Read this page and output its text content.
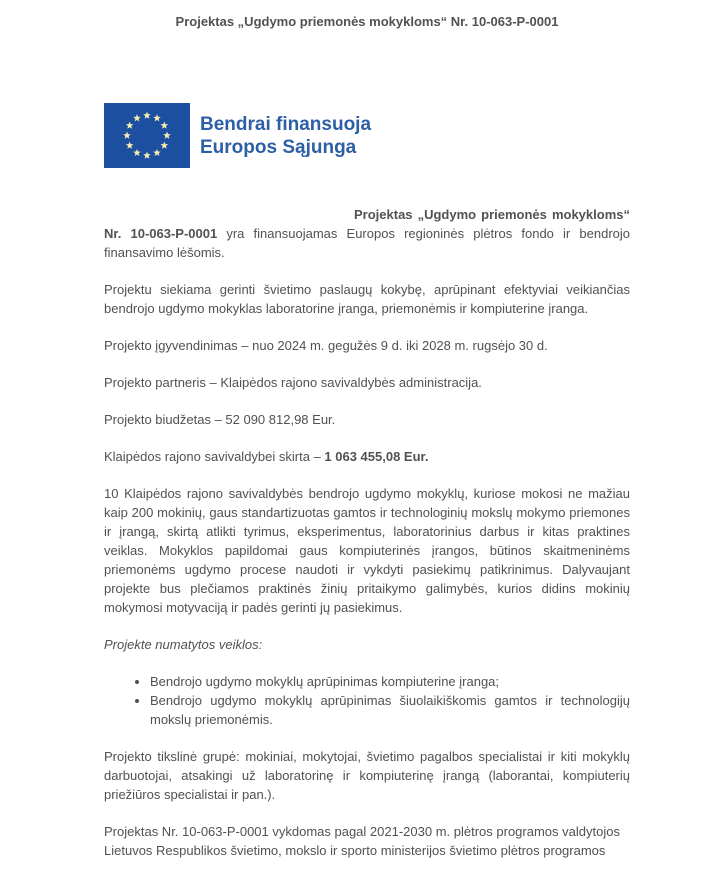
Projektas „Ugdymo priemonės mokykloms“ Nr. 10-063-P-0001
Bendrai finansuoja
Europos Sąjunga

Projektas „Ugdymo priemonės mokykloms“ Nr. 10-063-P-0001 yra finansuojamas Europos regioninės plėtros fondo ir bendrojo finansavimo lėšomis.

Projektu siekiama gerinti švietimo paslaugų kokybę, aprūpinant efektyviai veikiančias bendrojo ugdymo mokyklas laboratorine įranga, priemonėmis ir kompiuterine įranga.

Projekto įgyvendinimas – nuo 2024 m. gegužės 9 d. iki 2028 m. rugsėjo 30 d.

Projekto partneris – Klaipėdos rajono savivaldybės administracija.

Projekto biudžetas – 52 090 812,98 Eur.

Klaipėdos rajono savivaldybei skirta – 1 063 455,08 Eur.

10 Klaipėdos rajono savivaldybės bendrojo ugdymo mokyklų, kuriose mokosi ne mažiau kaip 200 mokinių, gaus standartizuotas gamtos ir technologinių mokslų mokymo priemones ir įrangą, skirtą atlikti tyrimus, eksperimentus, laboratorinius darbus ir kitas praktines veiklas. Mokyklos papildomai gaus kompiuterinės įrangos, būtinos skaitmeninėms priemonėms ugdymo procese naudoti ir vykdyti pasiekimų patikrinimus. Dalyvaujant projekte bus plečiamos praktinės žinių pritaikymo galimybės, kurios didins mokinių mokymosi motyvaciją ir padės gerinti jų pasiekimus.

Projekte numatytos veiklos:

• Bendrojo ugdymo mokyklų aprūpinimas kompiuterine įranga;
• Bendrojo ugdymo mokyklų aprūpinimas šiuolaikiškomis gamtos ir technologijų mokslų priemonėmis.

Projekto tikslinė grupė: mokiniai, mokytojai, švietimo pagalbos specialistai ir kiti mokyklų darbuotojai, atsakingi už laboratorinę ir kompiuterinę įrangą (laborantai, kompiuterių priežiūros specialistai ir pan.).

Projektas Nr. 10-063-P-0001 vykdomas pagal 2021-2030 m. plėtros programos valdytojos Lietuvos Respublikos švietimo, mokslo ir sporto ministerijos švietimo plėtros programos
